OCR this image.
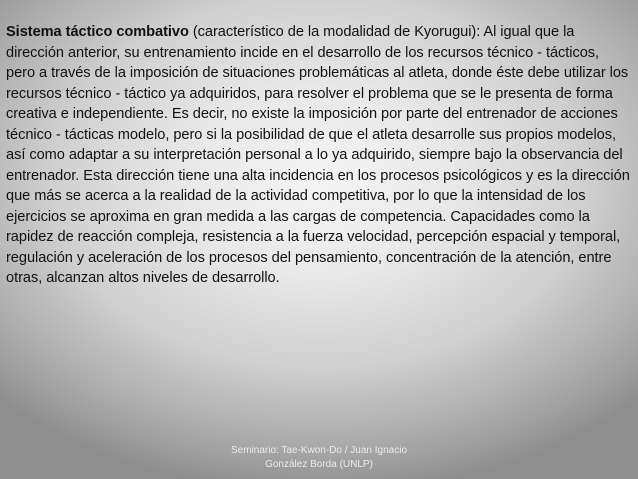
Sistema táctico combativo (característico de la modalidad de Kyorugui): Al igual que la dirección anterior, su entrenamiento incide en el desarrollo de los recursos técnico - tácticos, pero a través de la imposición de situaciones problemáticas al atleta, donde éste debe utilizar los recursos técnico - táctico ya adquiridos, para resolver el problema que se le presenta de forma creativa e independiente. Es decir, no existe la imposición por parte del entrenador de acciones técnico - tácticas modelo, pero si la posibilidad de que el atleta desarrolle sus propios modelos, así como adaptar a su interpretación personal a lo ya adquirido, siempre bajo la observancia del entrenador. Esta dirección tiene una alta incidencia en los procesos psicológicos y es la dirección que más se acerca a la realidad de la actividad competitiva, por lo que la intensidad de los ejercicios se aproxima en gran medida a las cargas de competencia. Capacidades como la rapidez de reacción compleja, resistencia a la fuerza velocidad, percepción espacial y temporal, regulación y aceleración de los procesos del pensamiento, concentración de la atención, entre otras, alcanzan altos niveles de desarrollo.

Seminario: Tae-Kwon-Do / Juan Ignacio
González Borda (UNLP)
